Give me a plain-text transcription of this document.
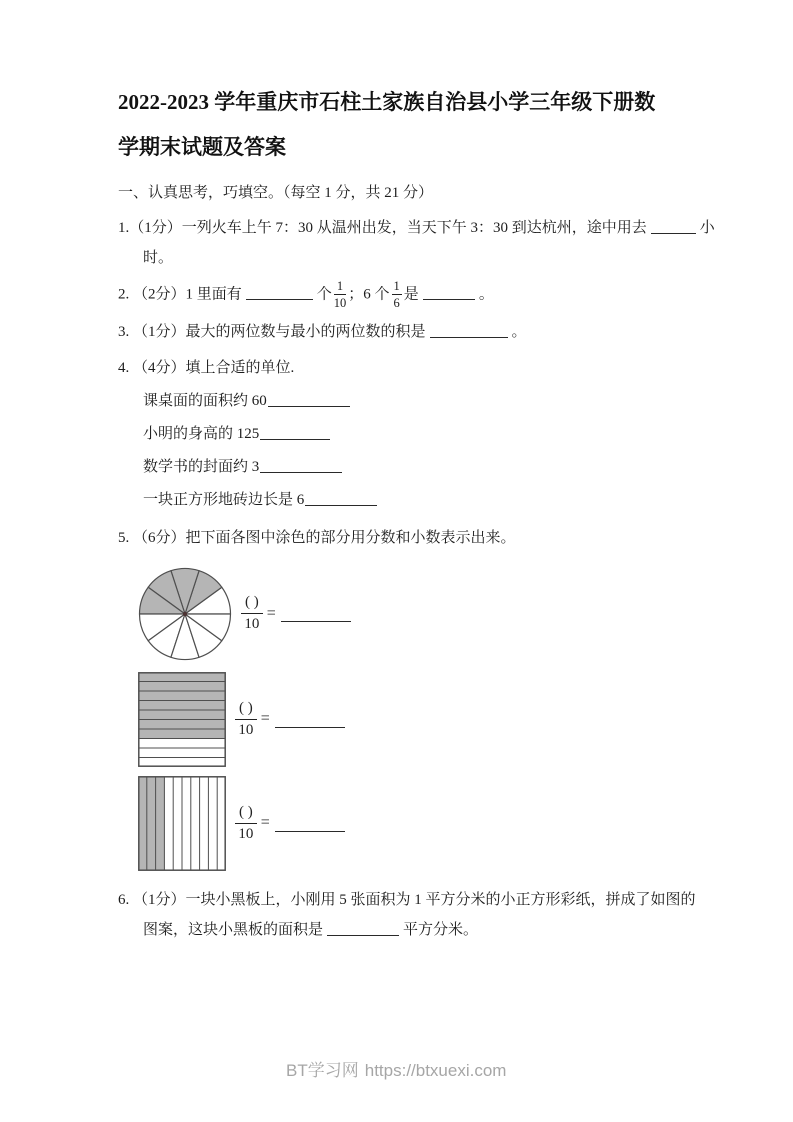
2022-2023 学年重庆市石柱土家族自治县小学三年级下册数
学期末试题及答案
一、认真思考，巧填空。（每空 1 分，共 21 分）
1.（1分）一列火车上午 7：30 从温州出发，当天下午 3：30 到达杭州，途中用去	小
时。
2. （2分）1 里面有	个 $\frac{1}{10}$ ；6 个 $\frac{1}{6}$ 是	。
3. （1分）最大的两位数与最小的两位数的积是	。
4. （4分）填上合适的单位.
课桌面的面积约 60
小明的身高的 125
数学书的封面约 3
一块正方形地砖边长是 6
5. （6分）把下面各图中涂色的部分用分数和小数表示出来。
$\frac{( )}{10}$ =
$\frac{( )}{10}$ =
$\frac{( )}{10}$ =
6. （1分）一块小黑板上，小刚用 5 张面积为 1 平方分米的小正方形彩纸，拼成了如图的
图案，这块小黑板的面积是	平方分米。
BT学习网 https://btxuexi.com
